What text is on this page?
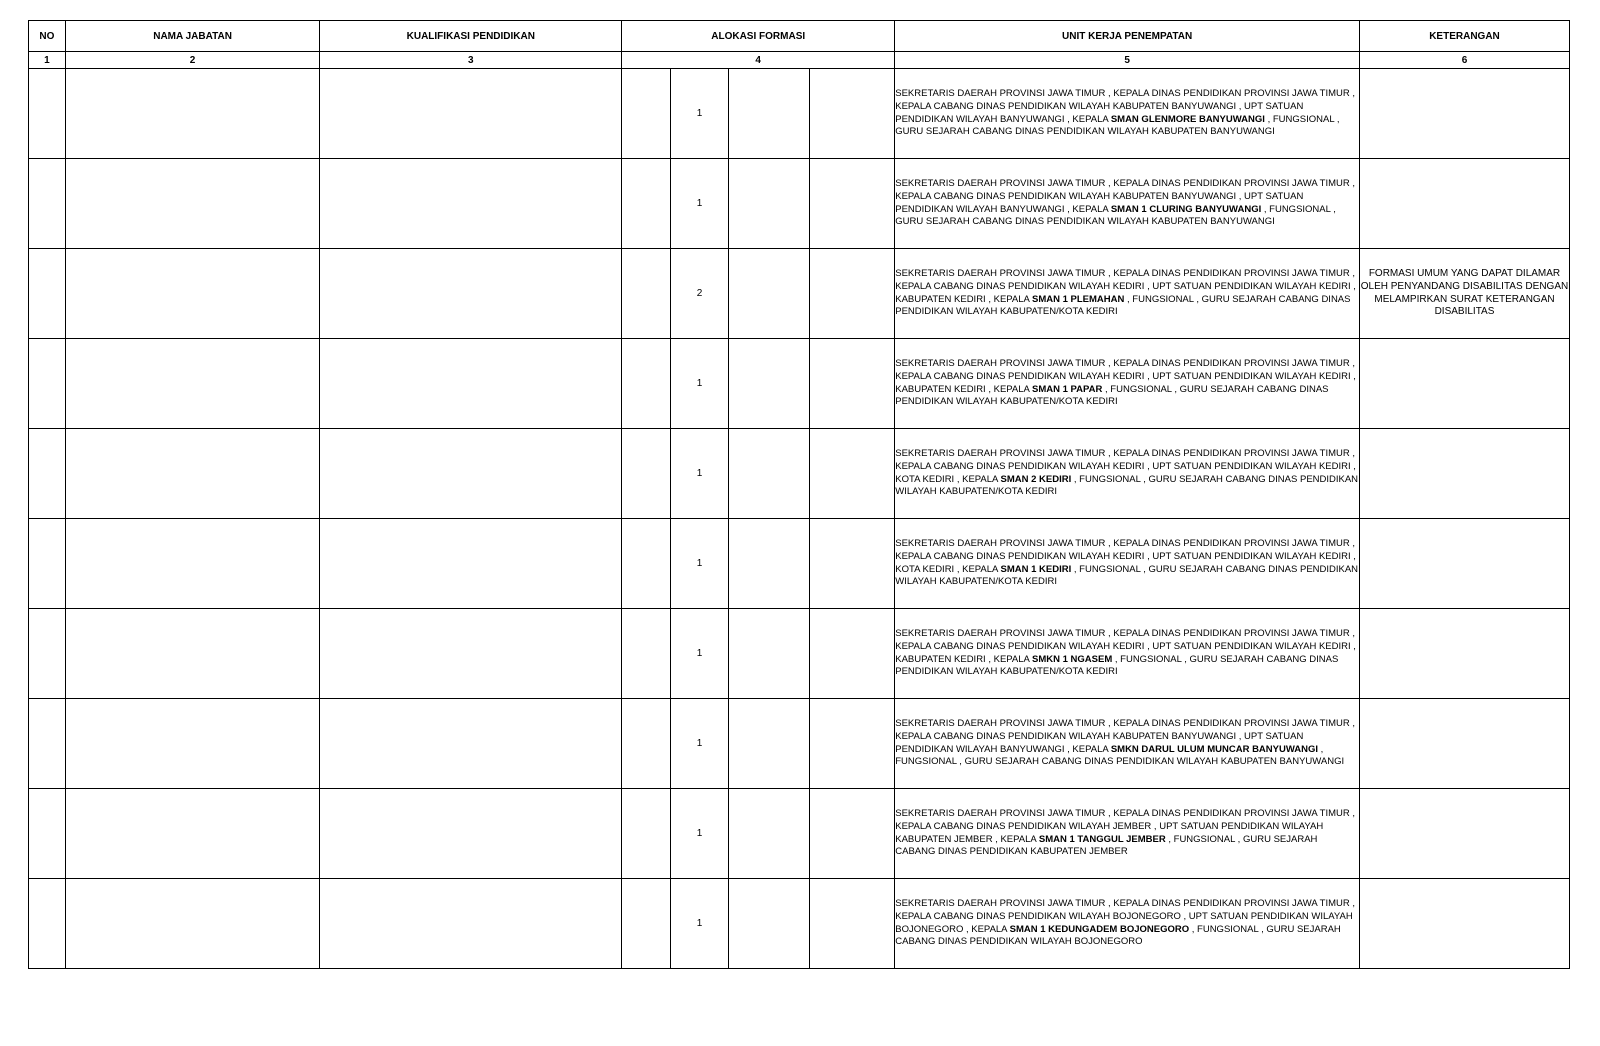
NO	NAMA JABATAN	KUALIFIKASI PENDIDIKAN	ALOKASI FORMASI				UNIT KERJA PENEMPATAN	KETERANGAN
1	2	3	4				5	6
				1			SEKRETARIS DAERAH PROVINSI JAWA TIMUR , KEPALA DINAS PENDIDIKAN PROVINSI JAWA TIMUR , KEPALA CABANG DINAS PENDIDIKAN WILAYAH KABUPATEN BANYUWANGI , UPT SATUAN PENDIDIKAN WILAYAH BANYUWANGI , KEPALA SMAN GLENMORE BANYUWANGI , FUNGSIONAL , GURU SEJARAH CABANG DINAS PENDIDIKAN WILAYAH KABUPATEN BANYUWANGI	
				1			SEKRETARIS DAERAH PROVINSI JAWA TIMUR , KEPALA DINAS PENDIDIKAN PROVINSI JAWA TIMUR , KEPALA CABANG DINAS PENDIDIKAN WILAYAH KABUPATEN BANYUWANGI , UPT SATUAN PENDIDIKAN WILAYAH BANYUWANGI , KEPALA SMAN 1 CLURING BANYUWANGI , FUNGSIONAL , GURU SEJARAH CABANG DINAS PENDIDIKAN WILAYAH KABUPATEN BANYUWANGI	
				2			SEKRETARIS DAERAH PROVINSI JAWA TIMUR , KEPALA DINAS PENDIDIKAN PROVINSI JAWA TIMUR , KEPALA CABANG DINAS PENDIDIKAN WILAYAH KEDIRI , UPT SATUAN PENDIDIKAN WILAYAH KEDIRI , KABUPATEN KEDIRI , KEPALA SMAN 1 PLEMAHAN , FUNGSIONAL , GURU SEJARAH CABANG DINAS PENDIDIKAN WILAYAH KABUPATEN/KOTA KEDIRI	FORMASI UMUM YANG DAPAT DILAMAR OLEH PENYANDANG DISABILITAS DENGAN MELAMPIRKAN SURAT KETERANGAN DISABILITAS
				1			SEKRETARIS DAERAH PROVINSI JAWA TIMUR , KEPALA DINAS PENDIDIKAN PROVINSI JAWA TIMUR , KEPALA CABANG DINAS PENDIDIKAN WILAYAH KEDIRI , UPT SATUAN PENDIDIKAN WILAYAH KEDIRI , KABUPATEN KEDIRI , KEPALA SMAN 1 PAPAR , FUNGSIONAL , GURU SEJARAH CABANG DINAS PENDIDIKAN WILAYAH KABUPATEN/KOTA KEDIRI	
				1			SEKRETARIS DAERAH PROVINSI JAWA TIMUR , KEPALA DINAS PENDIDIKAN PROVINSI JAWA TIMUR , KEPALA CABANG DINAS PENDIDIKAN WILAYAH KEDIRI , UPT SATUAN PENDIDIKAN WILAYAH KEDIRI , KOTA KEDIRI , KEPALA SMAN 2 KEDIRI , FUNGSIONAL , GURU SEJARAH CABANG DINAS PENDIDIKAN WILAYAH KABUPATEN/KOTA KEDIRI	
				1			SEKRETARIS DAERAH PROVINSI JAWA TIMUR , KEPALA DINAS PENDIDIKAN PROVINSI JAWA TIMUR , KEPALA CABANG DINAS PENDIDIKAN WILAYAH KEDIRI , UPT SATUAN PENDIDIKAN WILAYAH KEDIRI , KOTA KEDIRI , KEPALA SMAN 1 KEDIRI , FUNGSIONAL , GURU SEJARAH CABANG DINAS PENDIDIKAN WILAYAH KABUPATEN/KOTA KEDIRI	
				1			SEKRETARIS DAERAH PROVINSI JAWA TIMUR , KEPALA DINAS PENDIDIKAN PROVINSI JAWA TIMUR , KEPALA CABANG DINAS PENDIDIKAN WILAYAH KEDIRI , UPT SATUAN PENDIDIKAN WILAYAH KEDIRI , KABUPATEN KEDIRI , KEPALA SMKN 1 NGASEM , FUNGSIONAL , GURU SEJARAH CABANG DINAS PENDIDIKAN WILAYAH KABUPATEN/KOTA KEDIRI	
				1			SEKRETARIS DAERAH PROVINSI JAWA TIMUR , KEPALA DINAS PENDIDIKAN PROVINSI JAWA TIMUR , KEPALA CABANG DINAS PENDIDIKAN WILAYAH KABUPATEN BANYUWANGI , UPT SATUAN PENDIDIKAN WILAYAH BANYUWANGI , KEPALA SMKN DARUL ULUM MUNCAR BANYUWANGI , FUNGSIONAL , GURU SEJARAH CABANG DINAS PENDIDIKAN WILAYAH KABUPATEN BANYUWANGI	
				1			SEKRETARIS DAERAH PROVINSI JAWA TIMUR , KEPALA DINAS PENDIDIKAN PROVINSI JAWA TIMUR , KEPALA CABANG DINAS PENDIDIKAN WILAYAH JEMBER , UPT SATUAN PENDIDIKAN WILAYAH KABUPATEN JEMBER , KEPALA SMAN 1 TANGGUL JEMBER , FUNGSIONAL , GURU SEJARAH CABANG DINAS PENDIDIKAN KABUPATEN JEMBER	
				1			SEKRETARIS DAERAH PROVINSI JAWA TIMUR , KEPALA DINAS PENDIDIKAN PROVINSI JAWA TIMUR , KEPALA CABANG DINAS PENDIDIKAN WILAYAH BOJONEGORO , UPT SATUAN PENDIDIKAN WILAYAH BOJONEGORO , KEPALA SMAN 1 KEDUNGADEM BOJONEGORO , FUNGSIONAL , GURU SEJARAH CABANG DINAS PENDIDIKAN WILAYAH BOJONEGORO	
